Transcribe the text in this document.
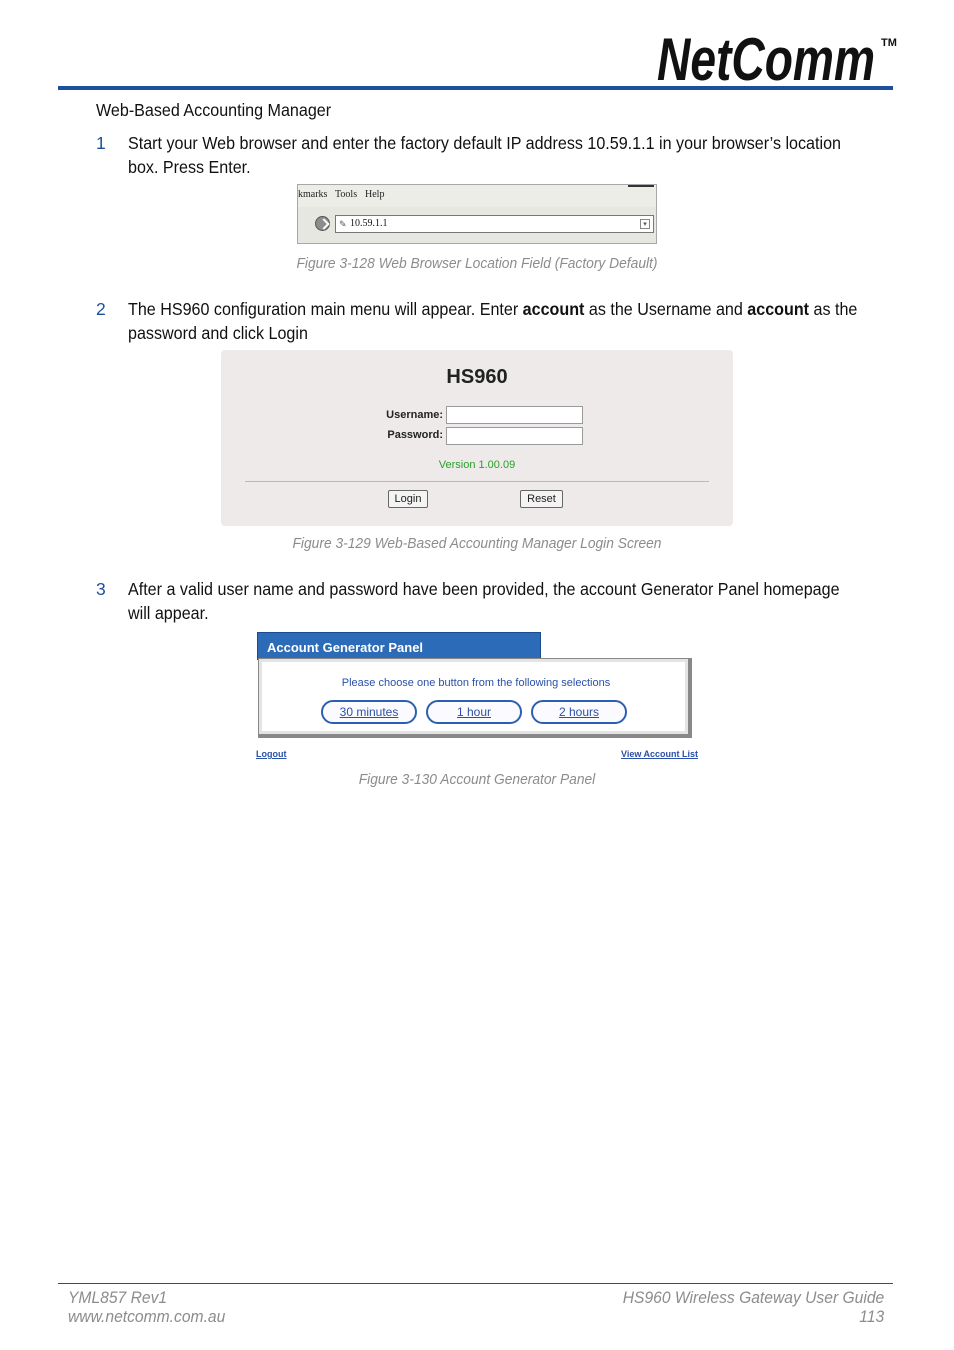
NetComm TM
Web-Based Accounting Manager
1 Start your Web browser and enter the factory default IP address 10.59.1.1 in your browser’s location box. Press Enter.
kmarks Tools Help
✎ 10.59.1.1	▾
Figure 3-128 Web Browser Location Field (Factory Default)
2 The HS960 configuration main menu will appear. Enter account as the Username and account as the password and click Login
HS960
Username:
Password:
Version 1.00.09
Login	Reset
Figure 3-129 Web-Based Accounting Manager Login Screen
3 After a valid user name and password have been provided, the account Generator Panel homepage will appear.
Account Generator Panel
Please choose one button from the following selections
30 minutes	1 hour	2 hours
Logout	View Account List
Figure 3-130 Account Generator Panel
YML857 Rev1
www.netcomm.com.au
HS960 Wireless Gateway User Guide
113
